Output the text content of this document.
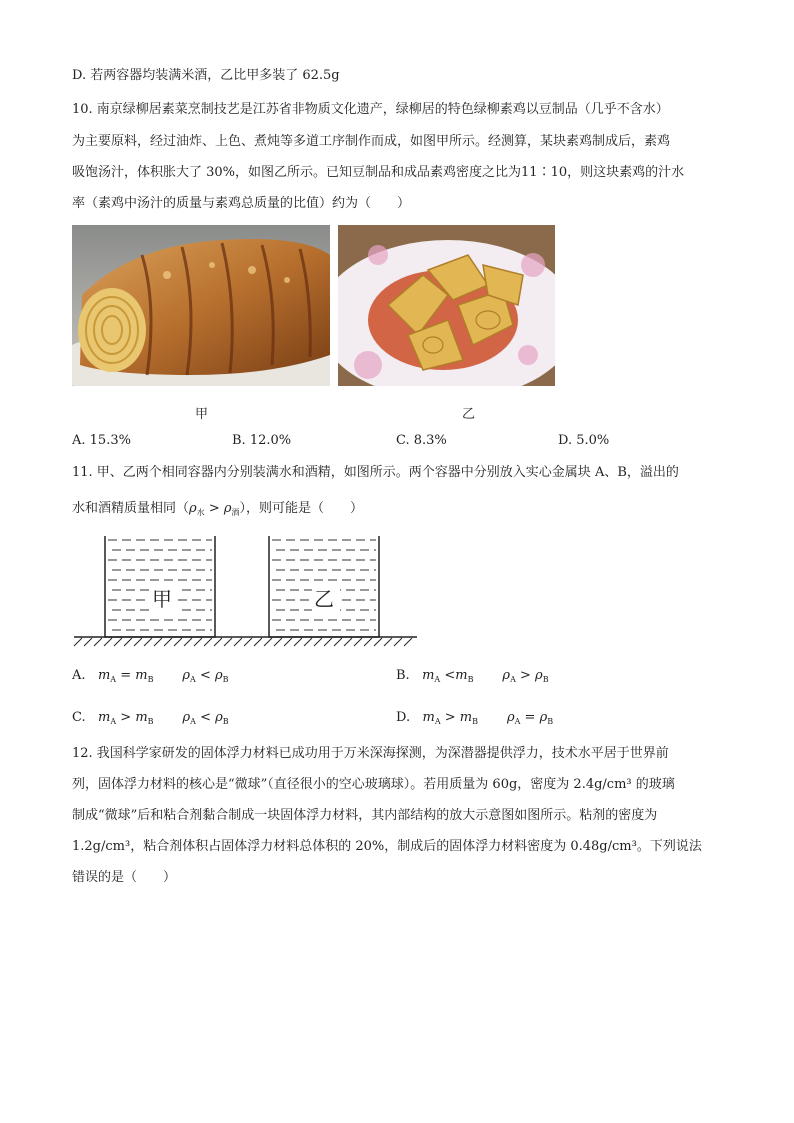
D. 若两容器均装满米酒，乙比甲多装了 62.5g
10. 南京绿柳居素菜烹制技艺是江苏省非物质文化遗产，绿柳居的特色绿柳素鸡以豆制品（几乎不含水）
为主要原料，经过油炸、上色、煮炖等多道工序制作而成，如图甲所示。经测算，某块素鸡制成后，素鸡
吸饱汤汁，体积胀大了 30%，如图乙所示。已知豆制品和成品素鸡密度之比为11∶10，则这块素鸡的汁水
率（素鸡中汤汁的质量与素鸡总质量的比值）约为（　　）
甲	乙
A. 15.3%	B. 12.0%	C. 8.3%	D. 5.0%
11. 甲、乙两个相同容器内分别装满水和酒精，如图所示。两个容器中分别放入实心金属块 A、B，溢出的
水和酒精质量相同$(\rho_水 > \rho_酒)$，则可能是（　　）
甲	乙
A. $m_A = m_B$ $\rho_A < \rho_B$	B. $m_A <m_B$ $\rho_A > \rho_B$
C. $m_A > m_B$ $\rho_A < \rho_B$	D. $m_A > m_B$ $\rho_A = \rho_B$
12. 我国科学家研发的固体浮力材料已成功用于万米深海探测，为深潜器提供浮力，技术水平居于世界前
列，固体浮力材料的核心是“微球”（直径很小的空心玻璃球）。若用质量为 60g，密度为 2.4g/cm³ 的玻璃
制成“微球”后和粘合剂黏合制成一块固体浮力材料，其内部结构的放大示意图如图所示。粘剂的密度为
1.2g/cm³，粘合剂体积占固体浮力材料总体积的 20%，制成后的固体浮力材料密度为 0.48g/cm³。下列说法
错误的是（　　）
